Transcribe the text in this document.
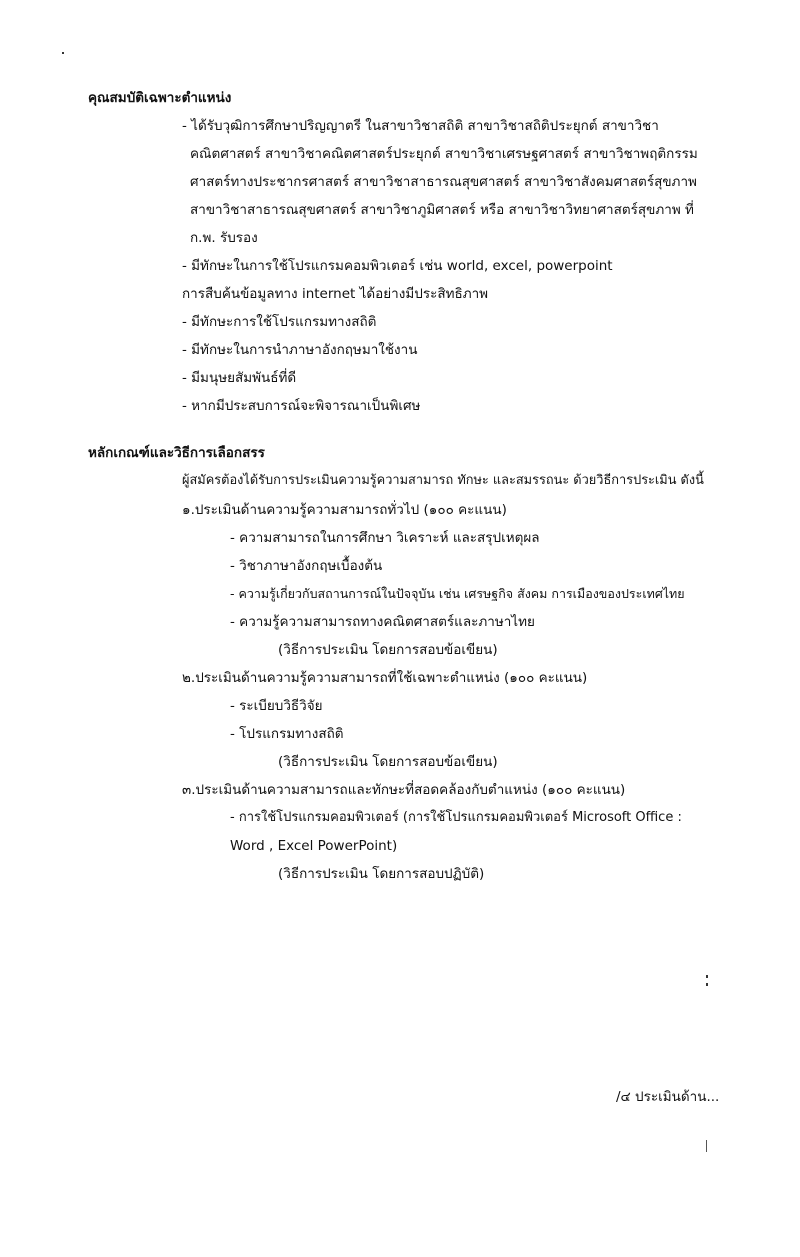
คุณสมบัติเฉพาะตำแหน่ง
- ได้รับวุฒิการศึกษาปริญญาตรี ในสาขาวิชาสถิติ สาขาวิชาสถิติประยุกต์ สาขาวิชา
คณิตศาสตร์ สาขาวิชาคณิตศาสตร์ประยุกต์ สาขาวิชาเศรษฐศาสตร์ สาขาวิชาพฤติกรรม
ศาสตร์ทางประชากรศาสตร์ สาขาวิชาสาธารณสุขศาสตร์ สาขาวิชาสังคมศาสตร์สุขภาพ
สาขาวิชาสาธารณสุขศาสตร์ สาขาวิชาภูมิศาสตร์ หรือ สาขาวิชาวิทยาศาสตร์สุขภาพ ที่
ก.พ. รับรอง
- มีทักษะในการใช้โปรแกรมคอมพิวเตอร์ เช่น world, excel, powerpoint
การสืบค้นข้อมูลทาง internet ได้อย่างมีประสิทธิภาพ
- มีทักษะการใช้โปรแกรมทางสถิติ
- มีทักษะในการนำภาษาอังกฤษมาใช้งาน
- มีมนุษยสัมพันธ์ที่ดี
- หากมีประสบการณ์จะพิจารณาเป็นพิเศษ
หลักเกณฑ์และวิธีการเลือกสรร
ผู้สมัครต้องได้รับการประเมินความรู้ความสามารถ ทักษะ และสมรรถนะ ด้วยวิธีการประเมิน ดังนี้
๑.ประเมินด้านความรู้ความสามารถทั่วไป (๑๐๐ คะแนน)
- ความสามารถในการศึกษา วิเคราะห์ และสรุปเหตุผล
- วิชาภาษาอังกฤษเบื้องต้น
- ความรู้เกี่ยวกับสถานการณ์ในปัจจุบัน เช่น เศรษฐกิจ สังคม การเมืองของประเทศไทย
- ความรู้ความสามารถทางคณิตศาสตร์และภาษาไทย
(วิธีการประเมิน โดยการสอบข้อเขียน)
๒.ประเมินด้านความรู้ความสามารถที่ใช้เฉพาะตำแหน่ง (๑๐๐ คะแนน)
- ระเบียบวิธีวิจัย
- โปรแกรมทางสถิติ
(วิธีการประเมิน โดยการสอบข้อเขียน)
๓.ประเมินด้านความสามารถและทักษะที่สอดคล้องกับตำแหน่ง (๑๐๐ คะแนน)
- การใช้โปรแกรมคอมพิวเตอร์ (การใช้โปรแกรมคอมพิวเตอร์ Microsoft Office :
Word , Excel PowerPoint)
(วิธีการประเมิน โดยการสอบปฏิบัติ)
/๔ ประเมินด้าน...
